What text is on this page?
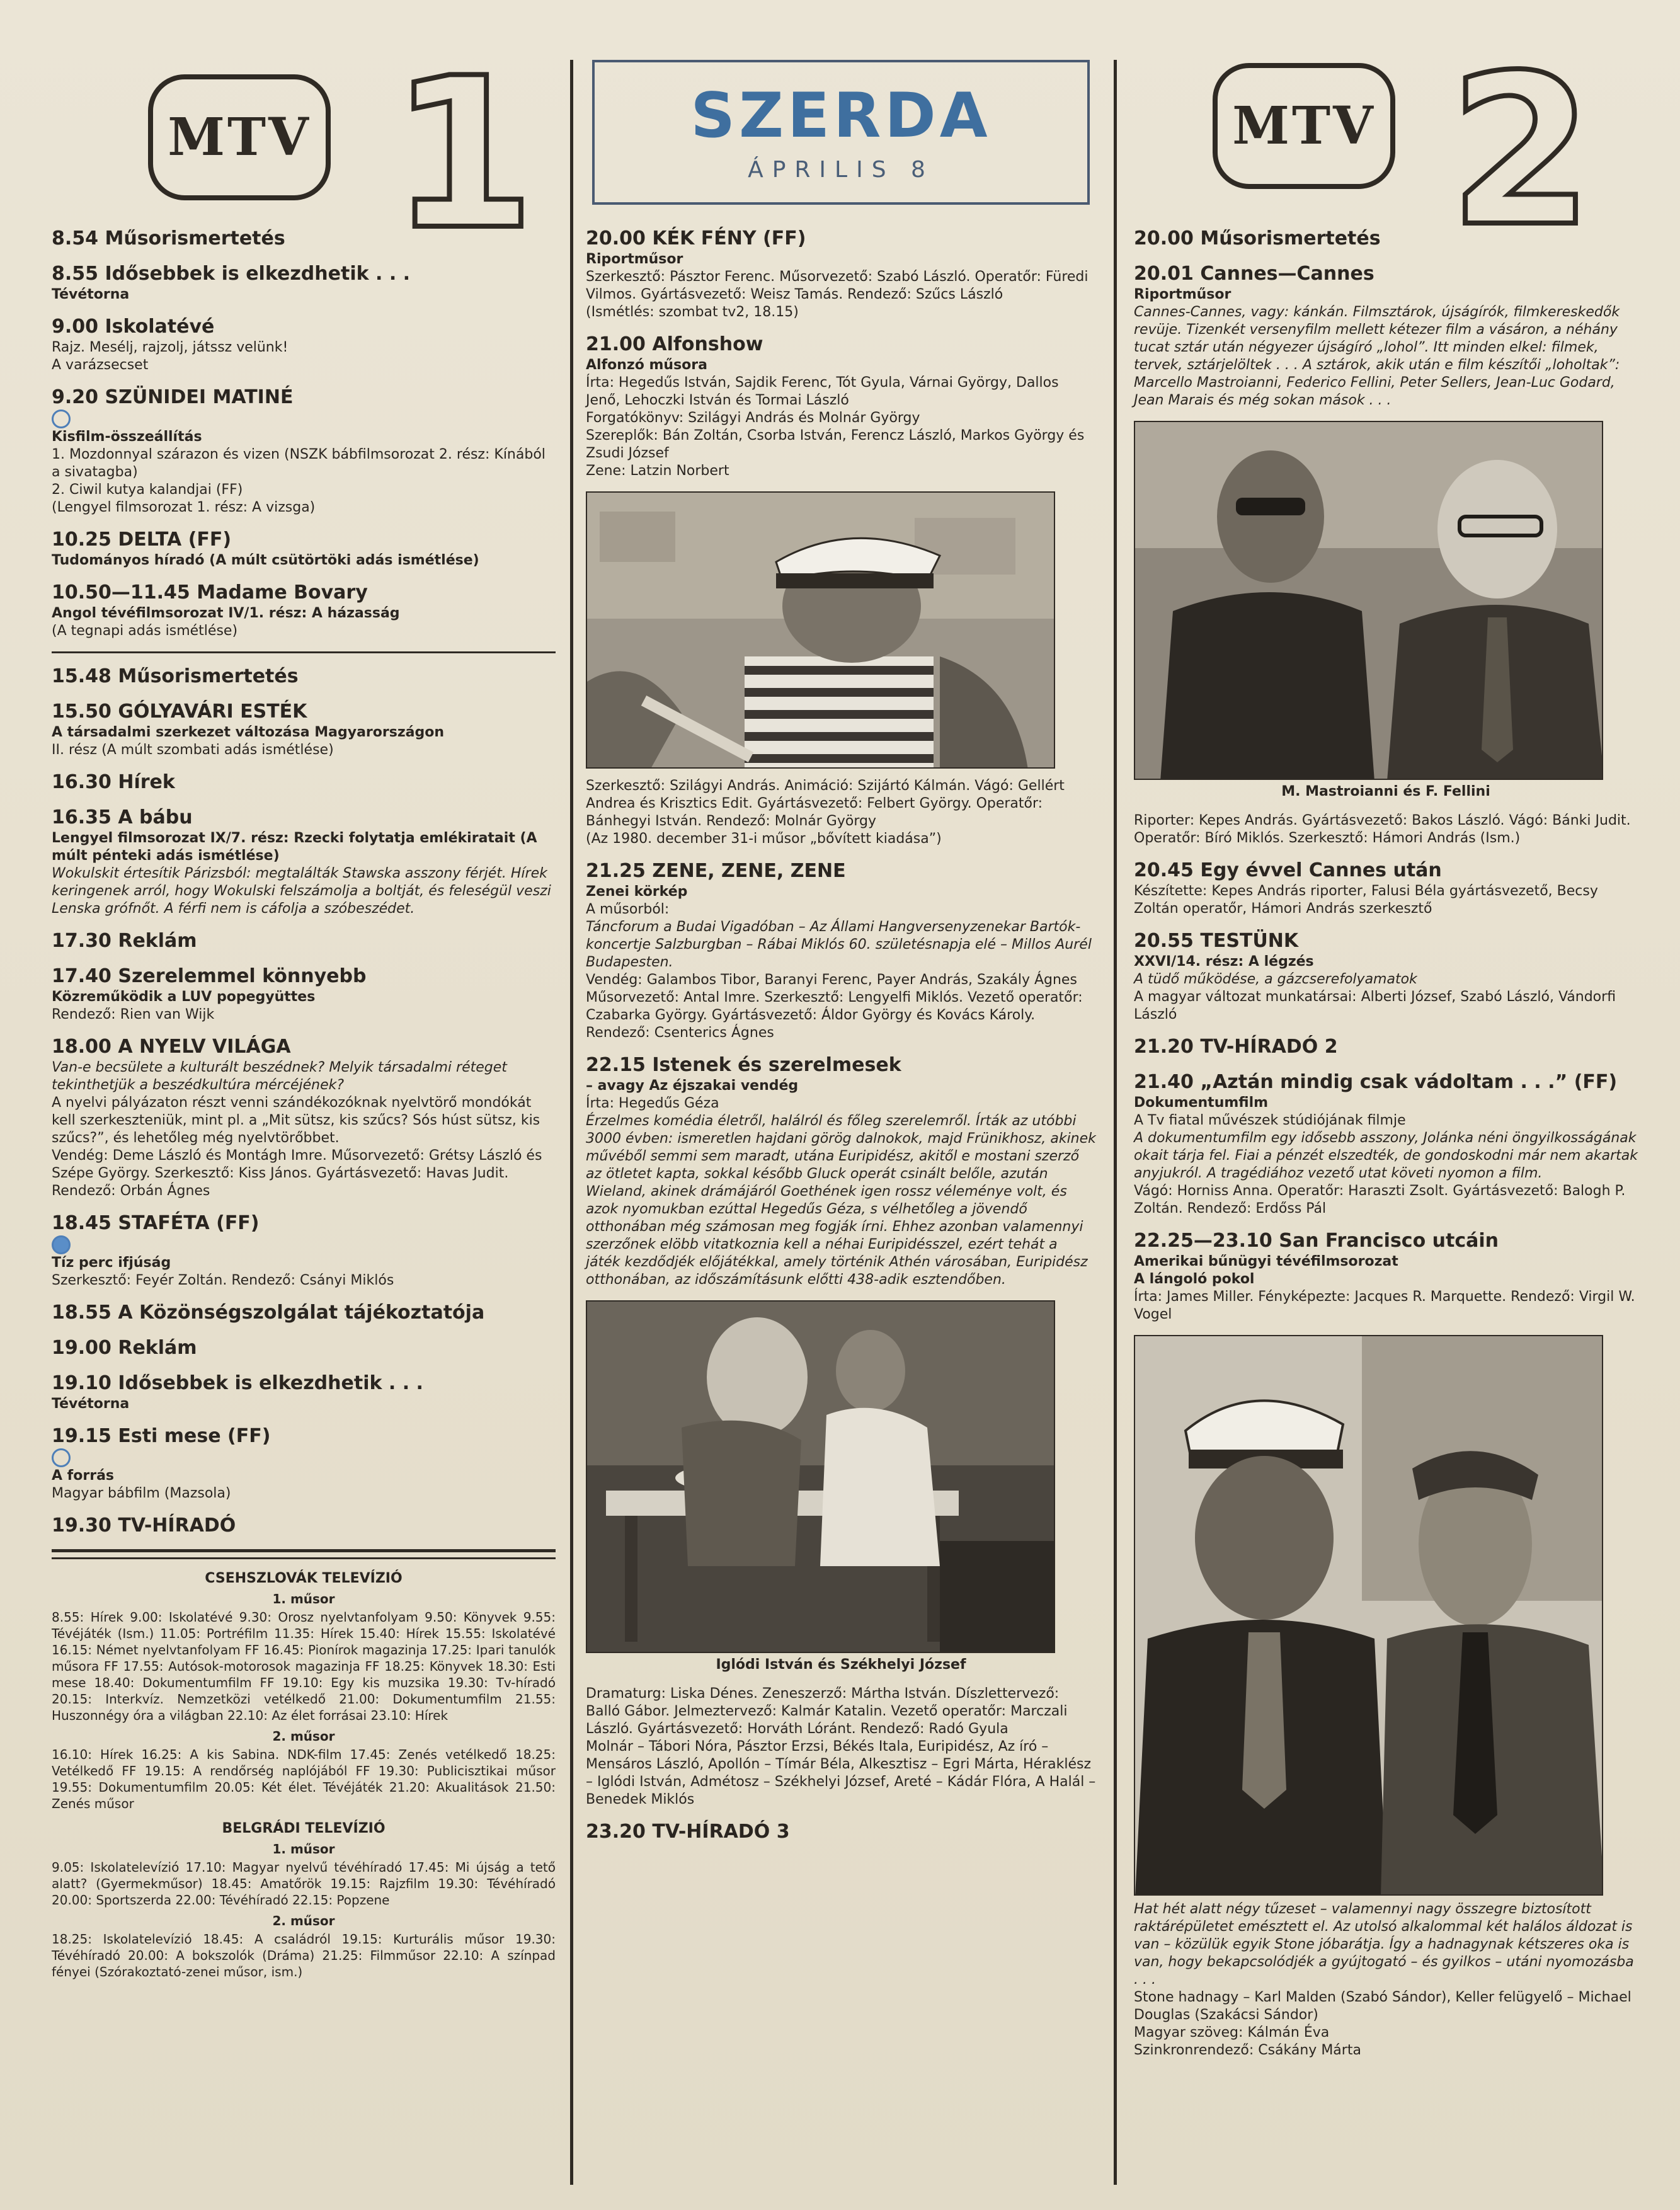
MTV 1	SZERDA
ÁPRILIS 8
MTV 2
8.54 Műsorismertetés
8.55 Idősebbek is elkezdhetik . . .
Tévétorna
9.00 Iskolatévé
Rajz. Mesélj, rajzolj, játssz velünk!
A varázsecset
9.20 SZÜNIDEI MATINÉ
Kisfilm-összeállítás
1. Mozdonnyal szárazon és vizen (NSZK bábfilmsorozat 2. rész: Kínából a sivatagba)
2. Ciwil kutya kalandjai (FF)
(Lengyel filmsorozat 1. rész: A vizsga)
10.25 DELTA (FF)
Tudományos híradó (A múlt csütörtöki adás ismétlése)
10.50—11.45 Madame Bovary
Angol tévéfilmsorozat IV/1. rész: A házasság
(A tegnapi adás ismétlése)
15.48 Műsorismertetés
15.50 GÓLYAVÁRI ESTÉK
A társadalmi szerkezet változása Magyarországon
II. rész (A múlt szombati adás ismétlése)
16.30 Hírek
16.35 A bábu
Lengyel filmsorozat IX/7. rész: Rzecki folytatja emlékiratait (A múlt pénteki adás ismétlése)
Wokulskit értesítik Párizsból: megtalálták Stawska asszony férjét. Hírek keringenek arról, hogy Wokulski felszámolja a boltját, és feleségül veszi Lenska grófnőt. A férfi nem is cáfolja a szóbeszédet.
17.30 Reklám
17.40 Szerelemmel könnyebb
Közreműködik a LUV popegyüttes
Rendező: Rien van Wijk
18.00 A NYELV VILÁGA
Van-e becsülete a kulturált beszédnek? Melyik társadalmi réteget tekinthetjük a beszédkultúra mércéjének?
A nyelvi pályázaton részt venni szándékozóknak nyelvtörő mondókát kell szerkeszteniük, mint pl. a „Mit sütsz, kis szűcs? Sós húst sütsz, kis szűcs?”, és lehetőleg még nyelvtörőbbet.
Vendég: Deme László és Montágh Imre. Műsorvezető: Grétsy László és Szépe György. Szerkesztő: Kiss János. Gyártásvezető: Havas Judit. Rendező: Orbán Ágnes
18.45 STAFÉTA (FF)
Tíz perc ifjúság
Szerkesztő: Feyér Zoltán. Rendező: Csányi Miklós
18.55 A Közönségszolgálat tájékoztatója
19.00 Reklám
19.10 Idősebbek is elkezdhetik . . .
Tévétorna
19.15 Esti mese (FF)
A forrás
Magyar bábfilm (Mazsola)
19.30 TV-HÍRADÓ
CSEHSZLOVÁK TELEVÍZIÓ
1. műsor
8.55: Hírek 9.00: Iskolatévé 9.30: Orosz nyelvtanfolyam 9.50: Könyvek 9.55: Tévéjáték (Ism.) 11.05: Portréfilm 11.35: Hírek 15.40: Hírek 15.55: Iskolatévé 16.15: Német nyelvtanfolyam FF 16.45: Pionírok magazinja 17.25: Ipari tanulók műsora FF 17.55: Autósok-motorosok magazinja FF 18.25: Könyvek 18.30: Esti mese 18.40: Dokumentumfilm FF 19.10: Egy kis muzsika 19.30: Tv-híradó 20.15: Interkvíz. Nemzetközi vetélkedő 21.00: Dokumentumfilm 21.55: Huszonnégy óra a világban 22.10: Az élet forrásai 23.10: Hírek
2. műsor
16.10: Hírek 16.25: A kis Sabina. NDK-film 17.45: Zenés vetélkedő 18.25: Vetélkedő FF 19.15: A rendőrség naplójából FF 19.30: Publicisztikai műsor 19.55: Dokumentumfilm 20.05: Két élet. Tévéjáték 21.20: Akualitások 21.50: Zenés műsor
BELGRÁDI TELEVÍZIÓ
1. műsor
9.05: Iskolatelevízió 17.10: Magyar nyelvű tévéhíradó 17.45: Mi újság a tető alatt? (Gyermekműsor) 18.45: Amatőrök 19.15: Rajzfilm 19.30: Tévéhíradó 20.00: Sportszerda 22.00: Tévéhíradó 22.15: Popzene
2. műsor
18.25: Iskolatelevízió 18.45: A családról 19.15: Kurturális műsor 19.30: Tévéhíradó 20.00: A bokszolók (Dráma) 21.25: Filmműsor 22.10: A színpad fényei (Szórakoztató-zenei műsor, ism.)
20.00 KÉK FÉNY (FF)
Riportműsor
Szerkesztő: Pásztor Ferenc. Műsorvezető: Szabó László. Operatőr: Füredi Vilmos. Gyártásvezető: Weisz Tamás. Rendező: Szűcs László
(Ismétlés: szombat tv2, 18.15)
21.00 Alfonshow
Alfonzó műsora
Írta: Hegedűs István, Sajdik Ferenc, Tót Gyula, Várnai György, Dallos Jenő, Lehoczki István és Tormai László
Forgatókönyv: Szilágyi András és Molnár György
Szereplők: Bán Zoltán, Csorba István, Ferencz László, Markos György és Zsudi József
Zene: Latzin Norbert
Szerkesztő: Szilágyi András. Animáció: Szijártó Kálmán. Vágó: Gellért Andrea és Krisztics Edit. Gyártásvezető: Felbert György. Operatőr: Bánhegyi István. Rendező: Molnár György
(Az 1980. december 31-i műsor „bővített kiadása”)
21.25 ZENE, ZENE, ZENE
Zenei körkép
A műsorból:
Táncforum a Budai Vigadóban – Az Állami Hangversenyzenekar Bartók-koncertje Salzburgban – Rábai Miklós 60. születésnapja elé – Millos Aurél Budapesten.
Vendég: Galambos Tibor, Baranyi Ferenc, Payer András, Szakály Ágnes
Műsorvezető: Antal Imre. Szerkesztő: Lengyelfi Miklós. Vezető operatőr: Czabarka György. Gyártásvezető: Áldor György és Kovács Károly. Rendező: Csenterics Ágnes
22.15 Istenek és szerelmesek
– avagy Az éjszakai vendég
Írta: Hegedűs Géza
Érzelmes komédia életről, halálról és főleg szerelemről. Írták az utóbbi 3000 évben: ismeretlen hajdani görög dalnokok, majd Frünikhosz, akinek művéből semmi sem maradt, utána Euripidész, akitől e mostani szerző az ötletet kapta, sokkal később Gluck operát csinált belőle, azután Wieland, akinek drámájáról Goethének igen rossz véleménye volt, és azok nyomukban ezúttal Hegedűs Géza, s vélhetőleg a jövendő otthonában még számosan meg fogják írni. Ehhez azonban valamennyi szerzőnek elöbb vitatkoznia kell a néhai Euripidésszel, ezért tehát a játék kezdődjék előjátékkal, amely történik Athén városában, Euripidész otthonában, az időszámításunk előtti 438-adik esztendőben.
Iglódi István és Székhelyi József
Dramaturg: Liska Dénes. Zeneszerző: Mártha István. Díszlettervező: Balló Gábor. Jelmeztervező: Kalmár Katalin. Vezető operatőr: Marczali László. Gyártásvezető: Horváth Lóránt. Rendező: Radó Gyula
Molnár – Tábori Nóra, Pásztor Erzsi, Békés Itala, Euripidész, Az író – Mensáros László, Apollón – Tímár Béla, Alkesztisz – Egri Márta, Héraklész – Iglódi István, Admétosz – Székhelyi József, Areté – Kádár Flóra, A Halál – Benedek Miklós
23.20 TV-HÍRADÓ 3
20.00 Műsorismertetés
20.01 Cannes—Cannes
Riportműsor
Cannes-Cannes, vagy: kánkán. Filmsztárok, újságírók, filmkereskedők revüje. Tizenkét versenyfilm mellett kétezer film a vásáron, a néhány tucat sztár után négyezer újságíró „lohol”. Itt minden elkel: filmek, tervek, sztárjelöltek . . . A sztárok, akik után e film készítői „loholtak”: Marcello Mastroianni, Federico Fellini, Peter Sellers, Jean-Luc Godard, Jean Marais és még sokan mások . . .
M. Mastroianni és F. Fellini
Riporter: Kepes András. Gyártásvezető: Bakos László. Vágó: Bánki Judit. Operatőr: Bíró Miklós. Szerkesztő: Hámori András (Ism.)
20.45 Egy évvel Cannes után
Készítette: Kepes András riporter, Falusi Béla gyártásvezető, Becsy Zoltán operatőr, Hámori András szerkesztő
20.55 TESTÜNK
XXVI/14. rész: A légzés
A tüdő működése, a gázcserefolyamatok
A magyar változat munkatársai: Alberti József, Szabó László, Vándorfi László
21.20 TV-HÍRADÓ 2
21.40 „Aztán mindig csak vádoltam . . .” (FF)
Dokumentumfilm
A Tv fiatal művészek stúdiójának filmje
A dokumentumfilm egy idősebb asszony, Jolánka néni öngyilkosságának okait tárja fel. Fiai a pénzét elszedték, de gondoskodni már nem akartak anyjukról. A tragédiához vezető utat követi nyomon a film.
Vágó: Horniss Anna. Operatőr: Haraszti Zsolt. Gyártásvezető: Balogh P. Zoltán. Rendező: Erdőss Pál
22.25—23.10 San Francisco utcáin
Amerikai bűnügyi tévéfilmsorozat
A lángoló pokol
Írta: James Miller. Fényképezte: Jacques R. Marquette. Rendező: Virgil W. Vogel
Hat hét alatt négy tűzeset – valamennyi nagy összegre biztosított raktárépületet emésztett el. Az utolsó alkalommal két halálos áldozat is van – közülük egyik Stone jóbarátja. Így a hadnagynak kétszeres oka is van, hogy bekapcsolódjék a gyújtogató – és gyilkos – utáni nyomozásba . . .
Stone hadnagy – Karl Malden (Szabó Sándor), Keller felügyelő – Michael Douglas (Szakácsi Sándor)
Magyar szöveg: Kálmán Éva
Szinkronrendező: Csákány Márta
